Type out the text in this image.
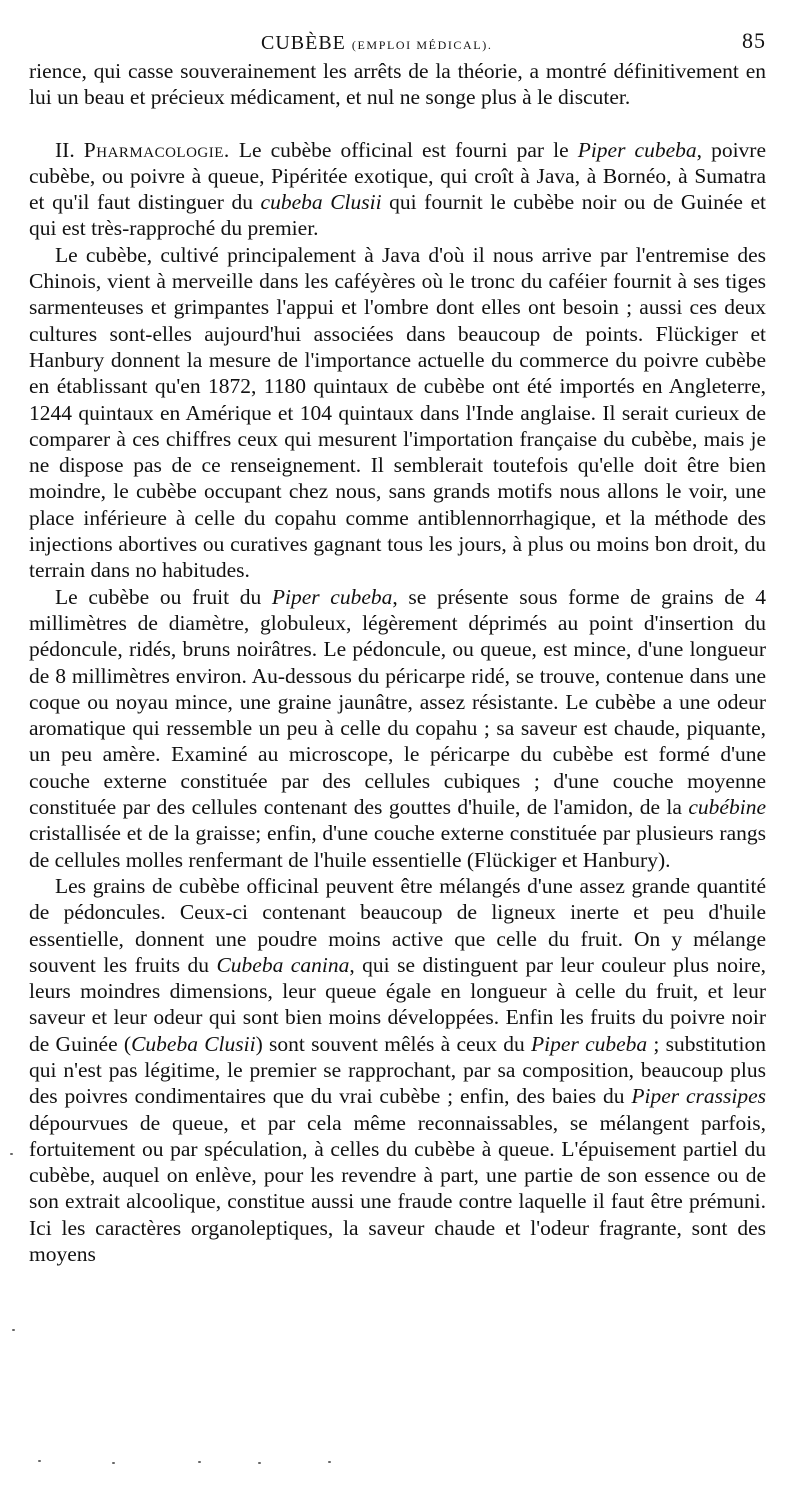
CUBÈBE (EMPLOI MÉDICAL).	85

rience, qui casse souverainement les arrêts de la théorie, a montré définitivement en lui un beau et précieux médicament, et nul ne songe plus à le discuter.

II. Pharmacologie. Le cubèbe officinal est fourni par le Piper cubeba, poivre cubèbe, ou poivre à queue, Pipéritée exotique, qui croît à Java, à Bornéo, à Sumatra et qu'il faut distinguer du cubeba Clusii qui fournit le cubèbe noir ou de Guinée et qui est très-rapproché du premier.

Le cubèbe, cultivé principalement à Java d'où il nous arrive par l'entremise des Chinois, vient à merveille dans les caféyères où le tronc du caféier fournit à ses tiges sarmenteuses et grimpantes l'appui et l'ombre dont elles ont besoin ; aussi ces deux cultures sont-elles aujourd'hui associées dans beaucoup de points. Flückiger et Hanbury donnent la mesure de l'importance actuelle du commerce du poivre cubèbe en établissant qu'en 1872, 1180 quintaux de cubèbe ont été importés en Angleterre, 1244 quintaux en Amérique et 104 quintaux dans l'Inde anglaise. Il serait curieux de comparer à ces chiffres ceux qui mesurent l'importation française du cubèbe, mais je ne dispose pas de ce renseignement. Il semblerait toutefois qu'elle doit être bien moindre, le cubèbe occupant chez nous, sans grands motifs nous allons le voir, une place inférieure à celle du copahu comme antiblennorrhagique, et la méthode des injections abortives ou curatives gagnant tous les jours, à plus ou moins bon droit, du terrain dans no habitudes.

Le cubèbe ou fruit du Piper cubeba, se présente sous forme de grains de 4 millimètres de diamètre, globuleux, légèrement déprimés au point d'insertion du pédoncule, ridés, bruns noirâtres. Le pédoncule, ou queue, est mince, d'une longueur de 8 millimètres environ. Au-dessous du péricarpe ridé, se trouve, contenue dans une coque ou noyau mince, une graine jaunâtre, assez résistante. Le cubèbe a une odeur aromatique qui ressemble un peu à celle du copahu ; sa saveur est chaude, piquante, un peu amère. Examiné au microscope, le péricarpe du cubèbe est formé d'une couche externe constituée par des cellules cubiques ; d'une couche moyenne constituée par des cellules contenant des gouttes d'huile, de l'amidon, de la cubébine cristallisée et de la graisse; enfin, d'une couche externe constituée par plusieurs rangs de cellules molles renfermant de l'huile essentielle (Flückiger et Hanbury).

Les grains de cubèbe officinal peuvent être mélangés d'une assez grande quantité de pédoncules. Ceux-ci contenant beaucoup de ligneux inerte et peu d'huile essentielle, donnent une poudre moins active que celle du fruit. On y mélange souvent les fruits du Cubeba canina, qui se distinguent par leur couleur plus noire, leurs moindres dimensions, leur queue égale en longueur à celle du fruit, et leur saveur et leur odeur qui sont bien moins développées. Enfin les fruits du poivre noir de Guinée (Cubeba Clusii) sont souvent mêlés à ceux du Piper cubeba ; substitution qui n'est pas légitime, le premier se rapprochant, par sa composition, beaucoup plus des poivres condimentaires que du vrai cubèbe ; enfin, des baies du Piper crassipes dépourvues de queue, et par cela même reconnaissables, se mélangent parfois, fortuitement ou par spéculation, à celles du cubèbe à queue. L'épuisement partiel du cubèbe, auquel on enlève, pour les revendre à part, une partie de son essence ou de son extrait alcoolique, constitue aussi une fraude contre laquelle il faut être prémuni. Ici les caractères organoleptiques, la saveur chaude et l'odeur fragrante, sont des moyens
